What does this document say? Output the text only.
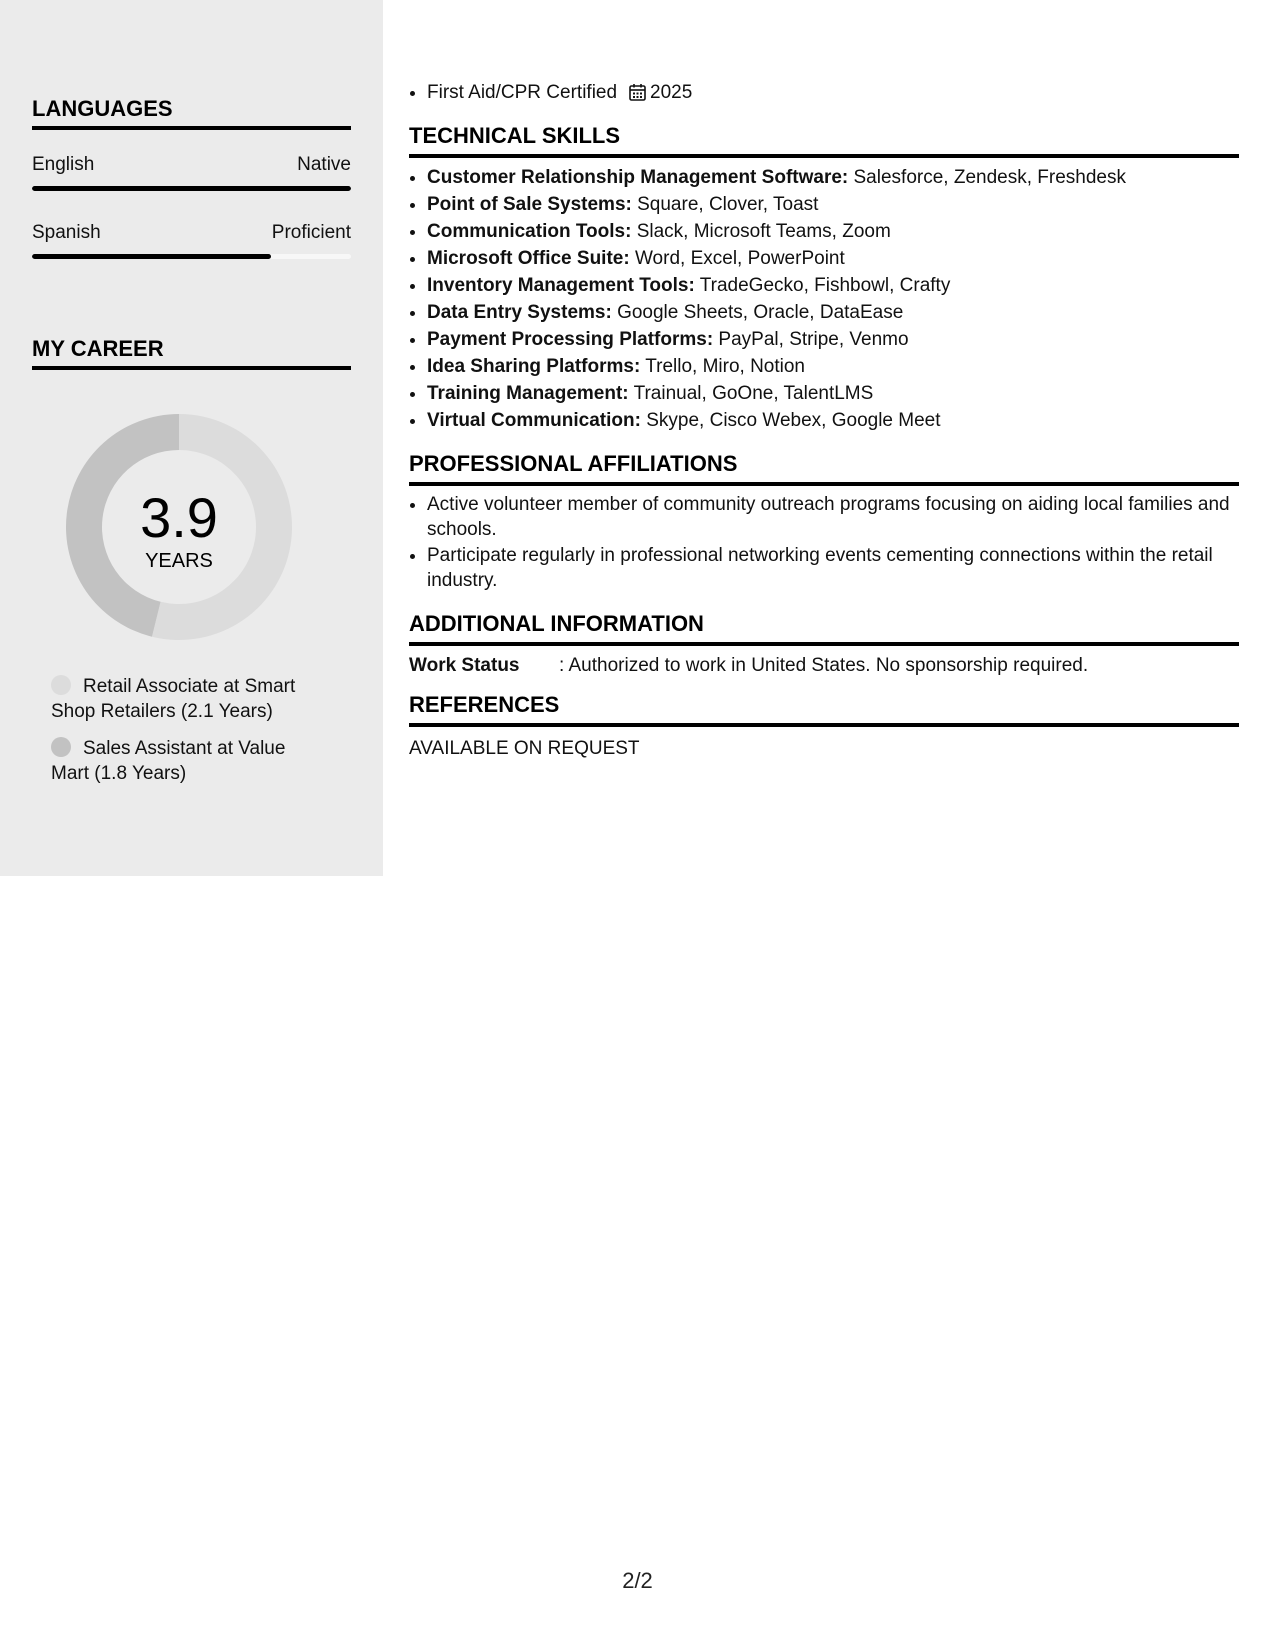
LANGUAGES
English	Native
Spanish	Proficient
MY CAREER
3.9
YEARS
Retail Associate at Smart Shop Retailers (2.1 Years)
Sales Assistant at Value Mart (1.8 Years)
• First Aid/CPR Certified 2025
TECHNICAL SKILLS
• Customer Relationship Management Software: Salesforce, Zendesk, Freshdesk
• Point of Sale Systems: Square, Clover, Toast
• Communication Tools: Slack, Microsoft Teams, Zoom
• Microsoft Office Suite: Word, Excel, PowerPoint
• Inventory Management Tools: TradeGecko, Fishbowl, Crafty
• Data Entry Systems: Google Sheets, Oracle, DataEase
• Payment Processing Platforms: PayPal, Stripe, Venmo
• Idea Sharing Platforms: Trello, Miro, Notion
• Training Management: Trainual, GoOne, TalentLMS
• Virtual Communication: Skype, Cisco Webex, Google Meet
PROFESSIONAL AFFILIATIONS
• Active volunteer member of community outreach programs focusing on aiding local families and schools.
• Participate regularly in professional networking events cementing connections within the retail industry.
ADDITIONAL INFORMATION
Work Status	: Authorized to work in United States. No sponsorship required.
REFERENCES
AVAILABLE ON REQUEST
2/2
